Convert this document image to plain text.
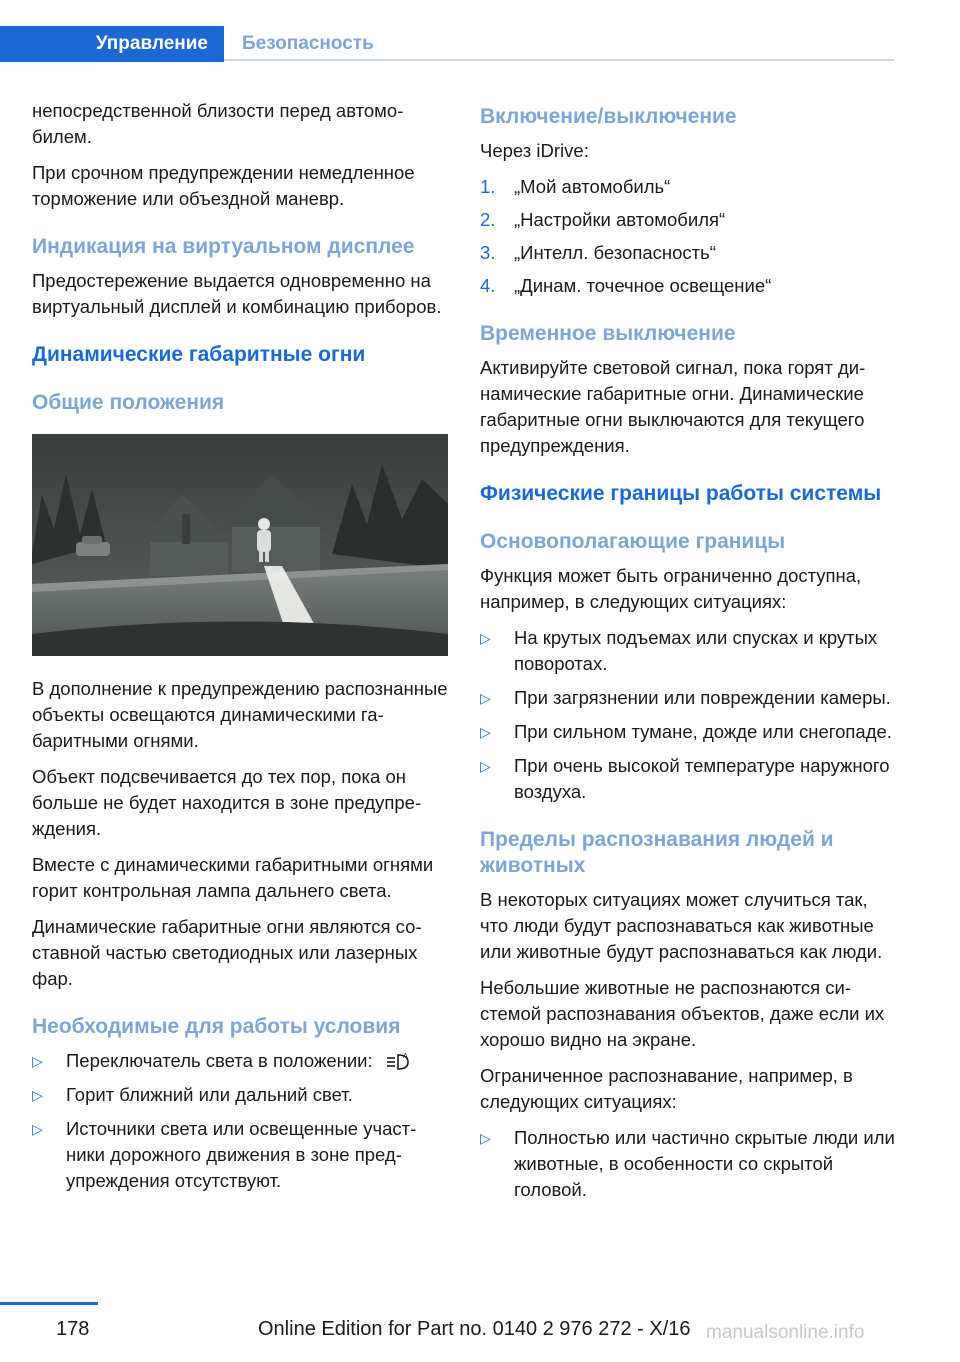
Управление	Безопасность

непосредственной близости перед автомобилем.

При срочном предупреждении немедленное торможение или объездной маневр.

Индикация на виртуальном дисплее

Предостережение выдается одновременно на виртуальный дисплей и комбинацию приборов.

Динамические габаритные огни
Общие положения

В дополнение к предупреждению распознанные объекты освещаются динамическими габаритными огнями.

Объект подсвечивается до тех пор, пока он больше не будет находится в зоне предупреждения.

Вместе с динамическими габаритными огнями горит контрольная лампа дальнего света.

Динамические габаритные огни являются составной частью светодиодных или лазерных фар.

Необходимые для работы условия
▷ Переключатель света в положении:	A
▷ Горит ближний или дальний свет.
▷ Источники света или освещенные участники дорожного движения в зоне предупреждения отсутствуют.
Включение/выключение

Через iDrive:

1. „Мой автомобиль“
2. „Настройки автомобиля“
3. „Интелл. безопасность“
4. „Динам. точечное освещение“
Временное выключение

Активируйте световой сигнал, пока горят динамические габаритные огни. Динамические габаритные огни выключаются для текущего предупреждения.

Физические границы работы системы
Основополагающие границы

Функция может быть ограниченно доступна, например, в следующих ситуациях:

▷ На крутых подъемах или спусках и крутых поворотах.
▷ При загрязнении или повреждении камеры.
▷ При сильном тумане, дожде или снегопаде.
▷ При очень высокой температуре наружного воздуха.
Пределы распознавания людей и животных

В некоторых ситуациях может случиться так, что люди будут распознаваться как животные или животные будут распознаваться как люди.

Небольшие животные не распознаются системой распознавания объектов, даже если их хорошо видно на экране.

Ограниченное распознавание, например, в следующих ситуациях:

▷ Полностью или частично скрытые люди или животные, в особенности со скрытой головой.
178	Online Edition for Part no. 0140 2 976 272 - X/16 manualsonline.info
